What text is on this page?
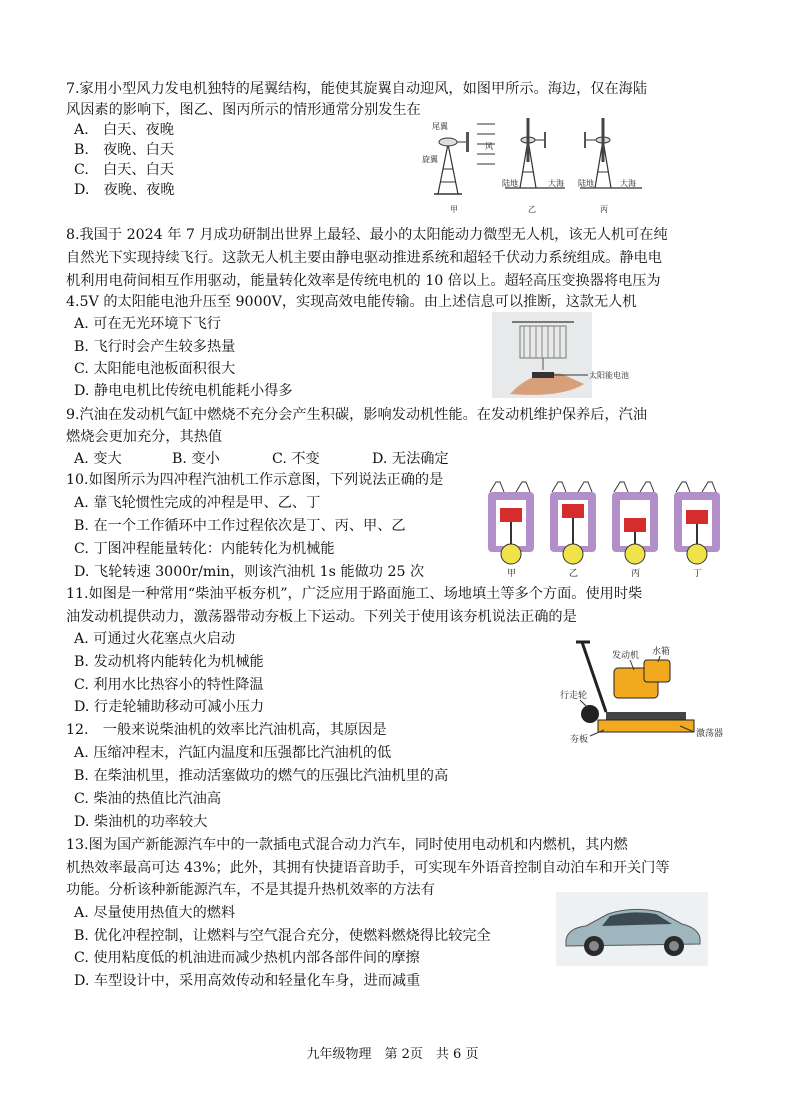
7.家用小型风力发电机独特的尾翼结构，能使其旋翼自动迎风，如图甲所示。海边，仅在海陆
风因素的影响下，图乙、图丙所示的情形通常分别发生在
A.　白天、夜晚
B.　夜晚、白天
C.　白天、白天
D.　夜晚、夜晚
尾翼
旋翼
风
甲
陆地	大海
乙
陆地	大海
丙
8.我国于 2024 年 7 月成功研制出世界上最轻、最小的太阳能动力微型无人机，该无人机可在纯
自然光下实现持续飞行。这款无人机主要由静电驱动推进系统和超轻千伏动力系统组成。静电电
机利用电荷间相互作用驱动，能量转化效率是传统电机的 10 倍以上。超轻高压变换器将电压为
4.5V 的太阳能电池升压至 9000V，实现高效电能传输。由上述信息可以推断，这款无人机
A. 可在无光环境下飞行
B. 飞行时会产生较多热量
C. 太阳能电池板面积很大
D. 静电电机比传统电机能耗小得多
太阳能电池
9.汽油在发动机气缸中燃烧不充分会产生积碳，影响发动机性能。在发动机维护保养后，汽油
燃烧会更加充分，其热值
A. 变大	B. 变小	C. 不变	D. 无法确定
10.如图所示为四冲程汽油机工作示意图，下列说法正确的是
A. 靠飞轮惯性完成的冲程是甲、乙、丁
B. 在一个工作循环中工作过程依次是丁、丙、甲、乙
C. 丁图冲程能量转化：内能转化为机械能
D. 飞轮转速 3000r/min，则该汽油机 1s 能做功 25 次	甲	乙	丙	丁
11.如图是一种常用“柴油平板夯机”，广泛应用于路面施工、场地填土等多个方面。使用时柴
油发动机提供动力，激荡器带动夯板上下运动。下列关于使用该夯机说法正确的是
A. 可通过火花塞点火启动
B. 发动机将内能转化为机械能
C. 利用水比热容小的特性降温
D. 行走轮辅助移动可减小压力
发动机 水箱
行走轮
夯板
激荡器
12.　一般来说柴油机的效率比汽油机高，其原因是
A. 压缩冲程末，汽缸内温度和压强都比汽油机的低
B. 在柴油机里，推动活塞做功的燃气的压强比汽油机里的高
C. 柴油的热值比汽油高
D. 柴油机的功率较大
13.图为国产新能源汽车中的一款插电式混合动力汽车，同时使用电动机和内燃机，其内燃
机热效率最高可达 43%；此外，其拥有快捷语音助手，可实现车外语音控制自动泊车和开关门等
功能。分析该种新能源汽车，不是其提升热机效率的方法有
A. 尽量使用热值大的燃料
B. 优化冲程控制，让燃料与空气混合充分，使燃料燃烧得比较完全
C. 使用粘度低的机油进而减少热机内部各部件间的摩擦
D. 车型设计中，采用高效传动和轻量化车身，进而减重
九年级物理　第 2页　共 6 页
